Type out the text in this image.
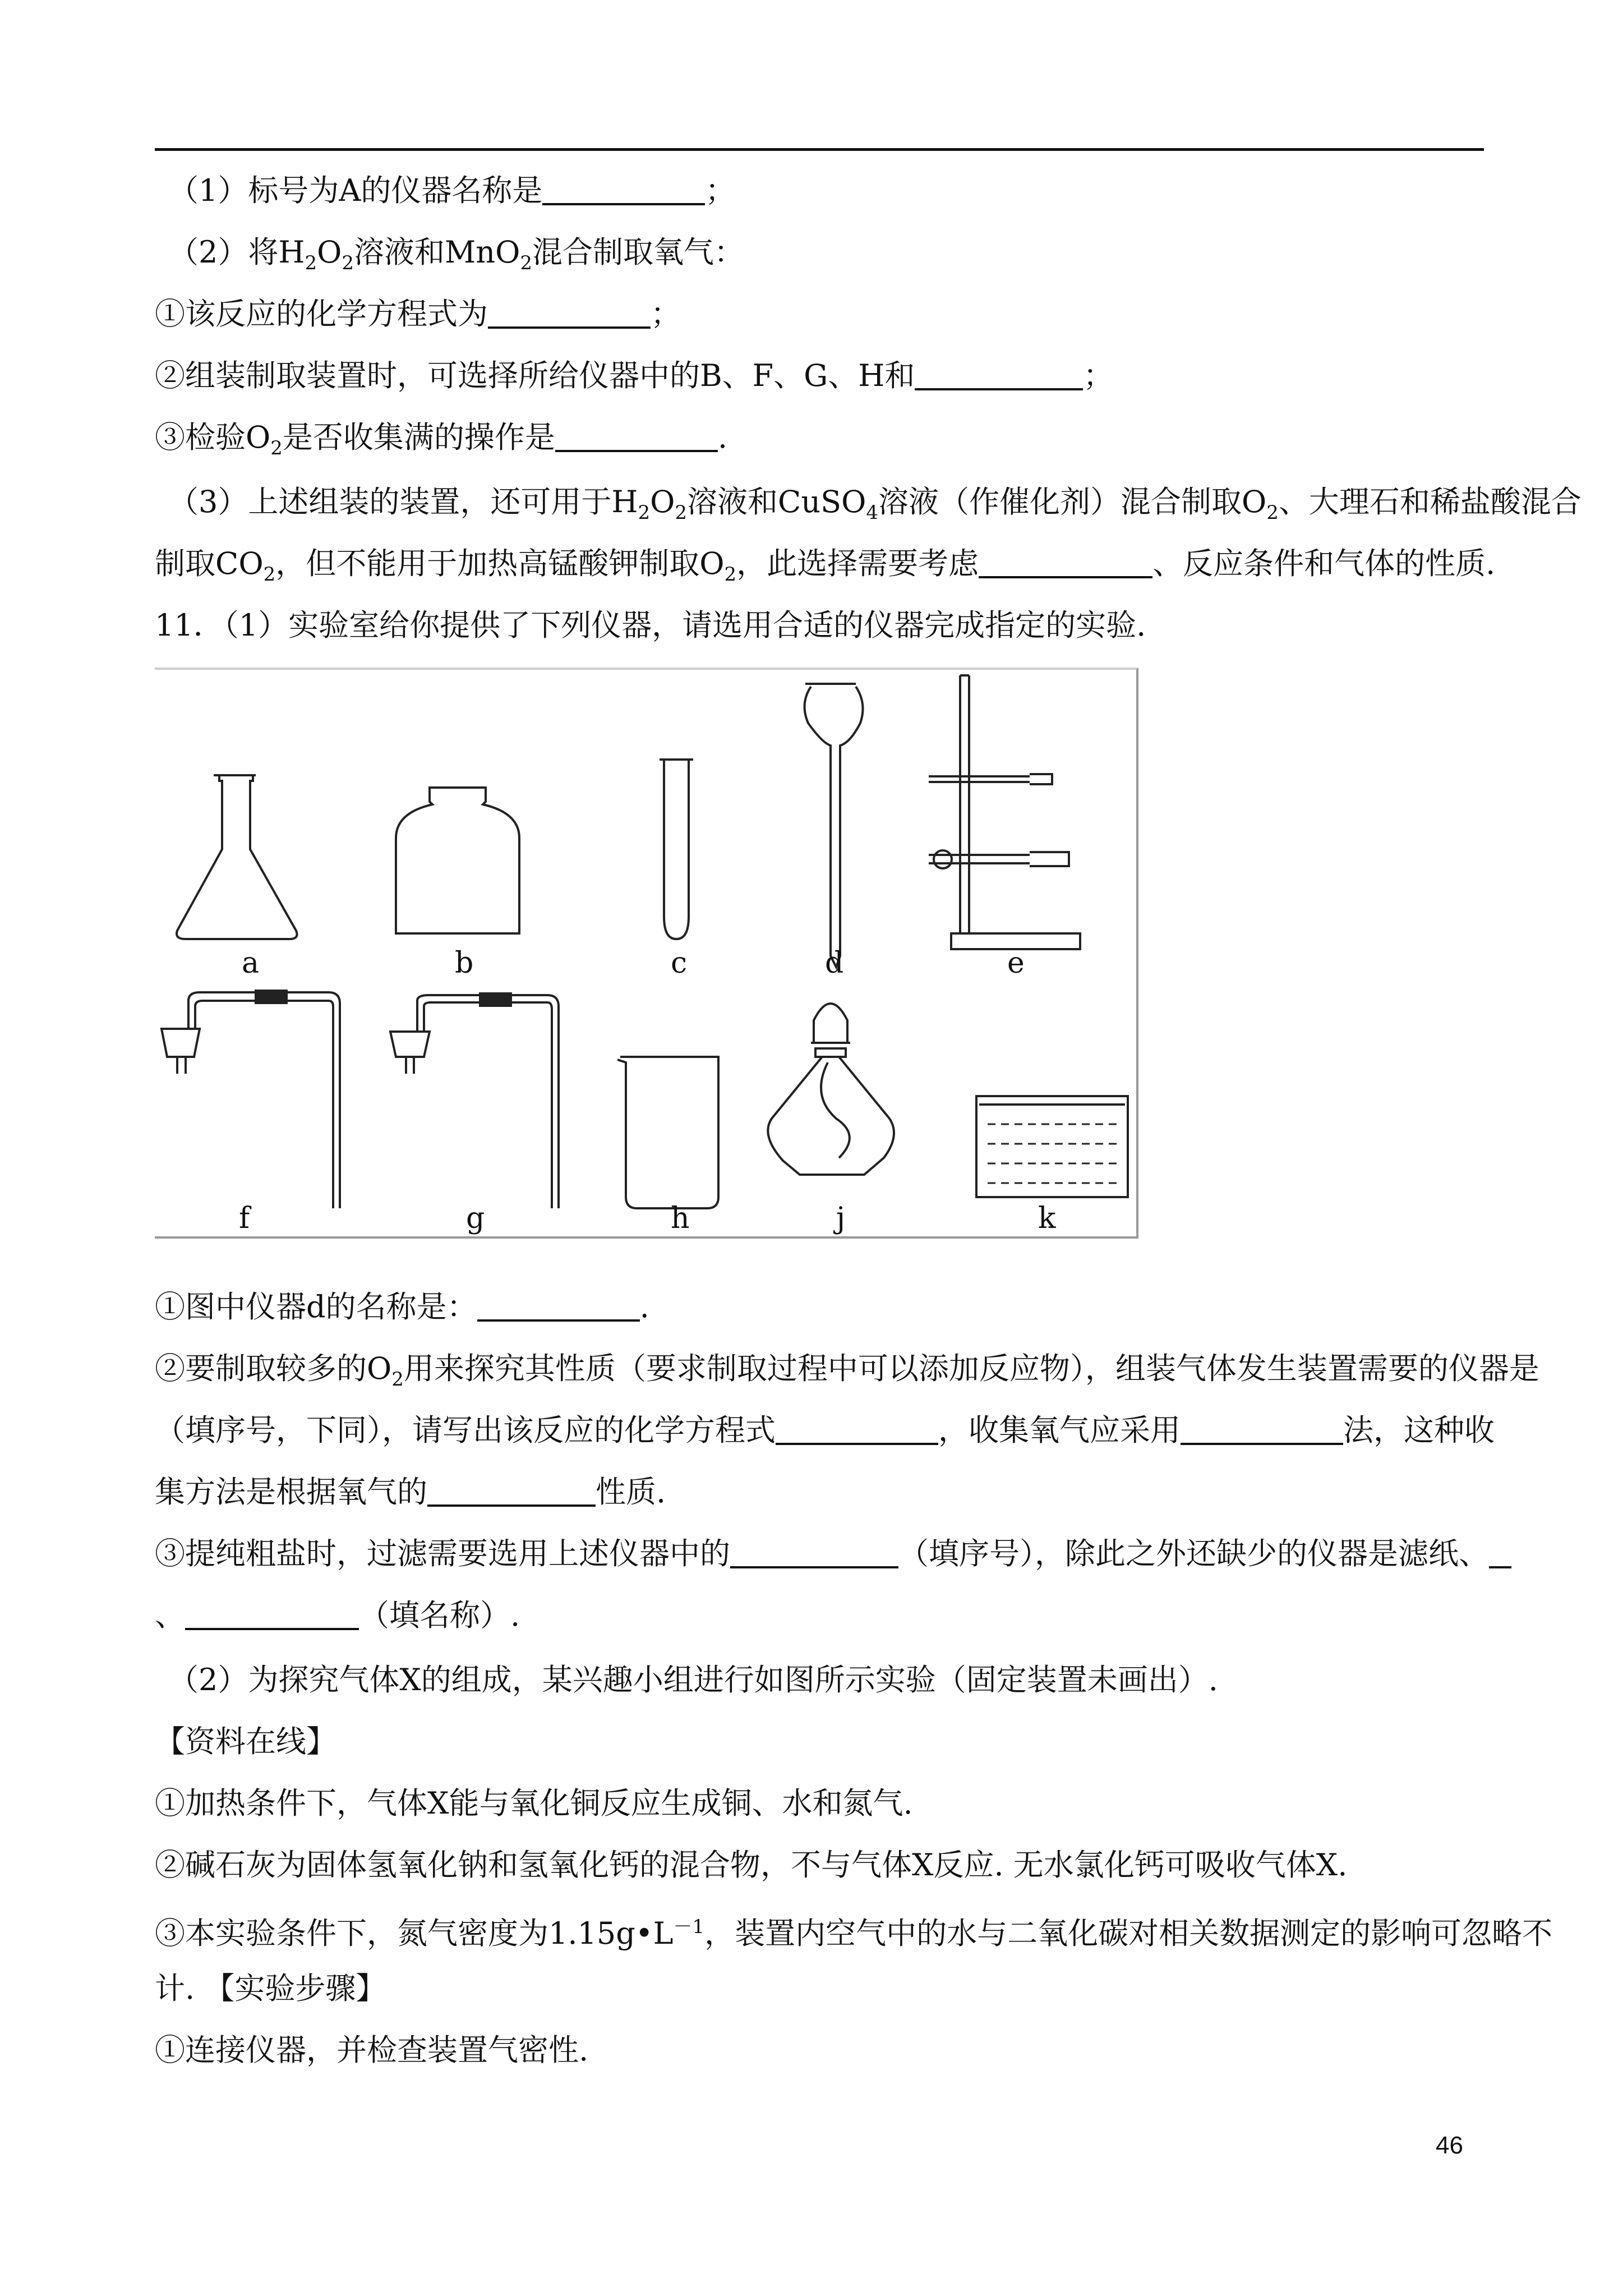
（1）标号为A的仪器名称是	；
（2）将$H_2O_2$溶液和MnO$_2$混合制取氧气：
①该反应的化学方程式为	；
②组装制取装置时，可选择所给仪器中的B、F、G、H和	；
③检验$O_2$是否收集满的操作是	.
（3）上述组装的装置，还可用于$H_2O_2$溶液和CuSO$_4$溶液（作催化剂）混合制取$O_2$、大理石和稀盐酸混合
制取$CO_2$，但不能用于加热高锰酸钾制取$O_2$，此选择需要考虑	、反应条件和气体的性质.
11．（1）实验室给你提供了下列仪器，请选用合适的仪器完成指定的实验.
a	b	c	d	e
f	g	h	j	k
①图中仪器d的名称是：	.
②要制取较多的$O_2$用来探究其性质（要求制取过程中可以添加反应物），组装气体发生装置需要的仪器是
（填序号，下同），请写出该反应的化学方程式	，收集氧气应采用	法，这种收
集方法是根据氧气的	性质.
③提纯粗盐时，过滤需要选用上述仪器中的	（填序号），除此之外还缺少的仪器是滤纸、
、	（填名称）.
（2）为探究气体X的组成，某兴趣小组进行如图所示实验（固定装置未画出）.
【资料在线】
①加热条件下，气体X能与氧化铜反应生成铜、水和氮气.
②碱石灰为固体氢氧化钠和氢氧化钙的混合物，不与气体X反应. 无水氯化钙可吸收气体X.
③本实验条件下，氮气密度为$1.15g•L^{-1}$，装置内空气中的水与二氧化碳对相关数据测定的影响可忽略不
计. 【实验步骤】
①连接仪器，并检查装置气密性.
46
